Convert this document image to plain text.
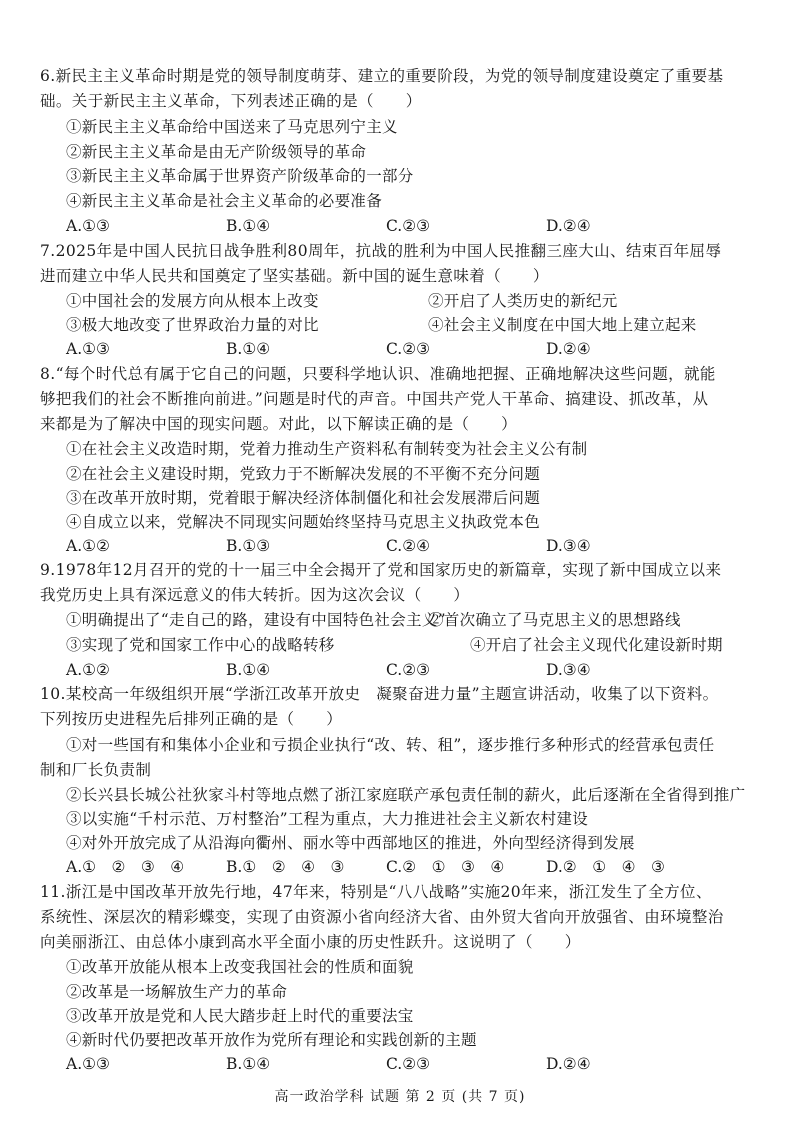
6.新民主主义革命时期是党的领导制度萌芽、建立的重要阶段，为党的领导制度建设奠定了重要基
础。关于新民主主义革命，下列表述正确的是（　　）
①新民主主义革命给中国送来了马克思列宁主义
②新民主主义革命是由无产阶级领导的革命
③新民主主义革命属于世界资产阶级革命的一部分
④新民主主义革命是社会主义革命的必要准备
A.①③	B.①④	C.②③	D.②④
7.2025年是中国人民抗日战争胜利80周年，抗战的胜利为中国人民推翻三座大山、结束百年屈辱
进而建立中华人民共和国奠定了坚实基础。新中国的诞生意味着（　　）
①中国社会的发展方向从根本上改变	②开启了人类历史的新纪元
③极大地改变了世界政治力量的对比	④社会主义制度在中国大地上建立起来
A.①③	B.①④	C.②③	D.②④
8.“每个时代总有属于它自己的问题，只要科学地认识、准确地把握、正确地解决这些问题，就能
够把我们的社会不断推向前进。”问题是时代的声音。中国共产党人干革命、搞建设、抓改革，从
来都是为了解决中国的现实问题。对此，以下解读正确的是（　　）
①在社会主义改造时期，党着力推动生产资料私有制转变为社会主义公有制
②在社会主义建设时期，党致力于不断解决发展的不平衡不充分问题
③在改革开放时期，党着眼于解决经济体制僵化和社会发展滞后问题
④自成立以来，党解决不同现实问题始终坚持马克思主义执政党本色
A.①②	B.①③	C.②④	D.③④
9.1978年12月召开的党的十一届三中全会揭开了党和国家历史的新篇章，实现了新中国成立以来
我党历史上具有深远意义的伟大转折。因为这次会议（　　）
①明确提出了“走自己的路，建设有中国特色社会主义”
②首次确立了马克思主义的思想路线
③实现了党和国家工作中心的战略转移	④开启了社会主义现代化建设新时期
A.①②	B.①④	C.②③	D.③④
10.某校高一年级组织开展“学浙江改革开放史　凝聚奋进力量”主题宣讲活动，收集了以下资料。
下列按历史进程先后排列正确的是（　　）
①对一些国有和集体小企业和亏损企业执行“改、转、租”，逐步推行多种形式的经营承包责任
制和厂长负责制
②长兴县长城公社狄家斗村等地点燃了浙江家庭联产承包责任制的薪火，此后逐渐在全省得到推广
③以实施“千村示范、万村整治”工程为重点，大力推进社会主义新农村建设
④对外开放完成了从沿海向衢州、丽水等中西部地区的推进，外向型经济得到发展
A.①　②　③　④	B.①　②　④　③	C.②　①　③　④	D.②　①　④　③
11.浙江是中国改革开放先行地，47年来，特别是“八八战略”实施20年来，浙江发生了全方位、
系统性、深层次的精彩蝶变，实现了由资源小省向经济大省、由外贸大省向开放强省、由环境整治
向美丽浙江、由总体小康到高水平全面小康的历史性跃升。这说明了（　　）
①改革开放能从根本上改变我国社会的性质和面貌
②改革是一场解放生产力的革命
③改革开放是党和人民大踏步赶上时代的重要法宝
④新时代仍要把改革开放作为党所有理论和实践创新的主题
A.①③	B.①④	C.②③	D.②④
高一政治学科 试题 第 2 页 (共 7 页)
